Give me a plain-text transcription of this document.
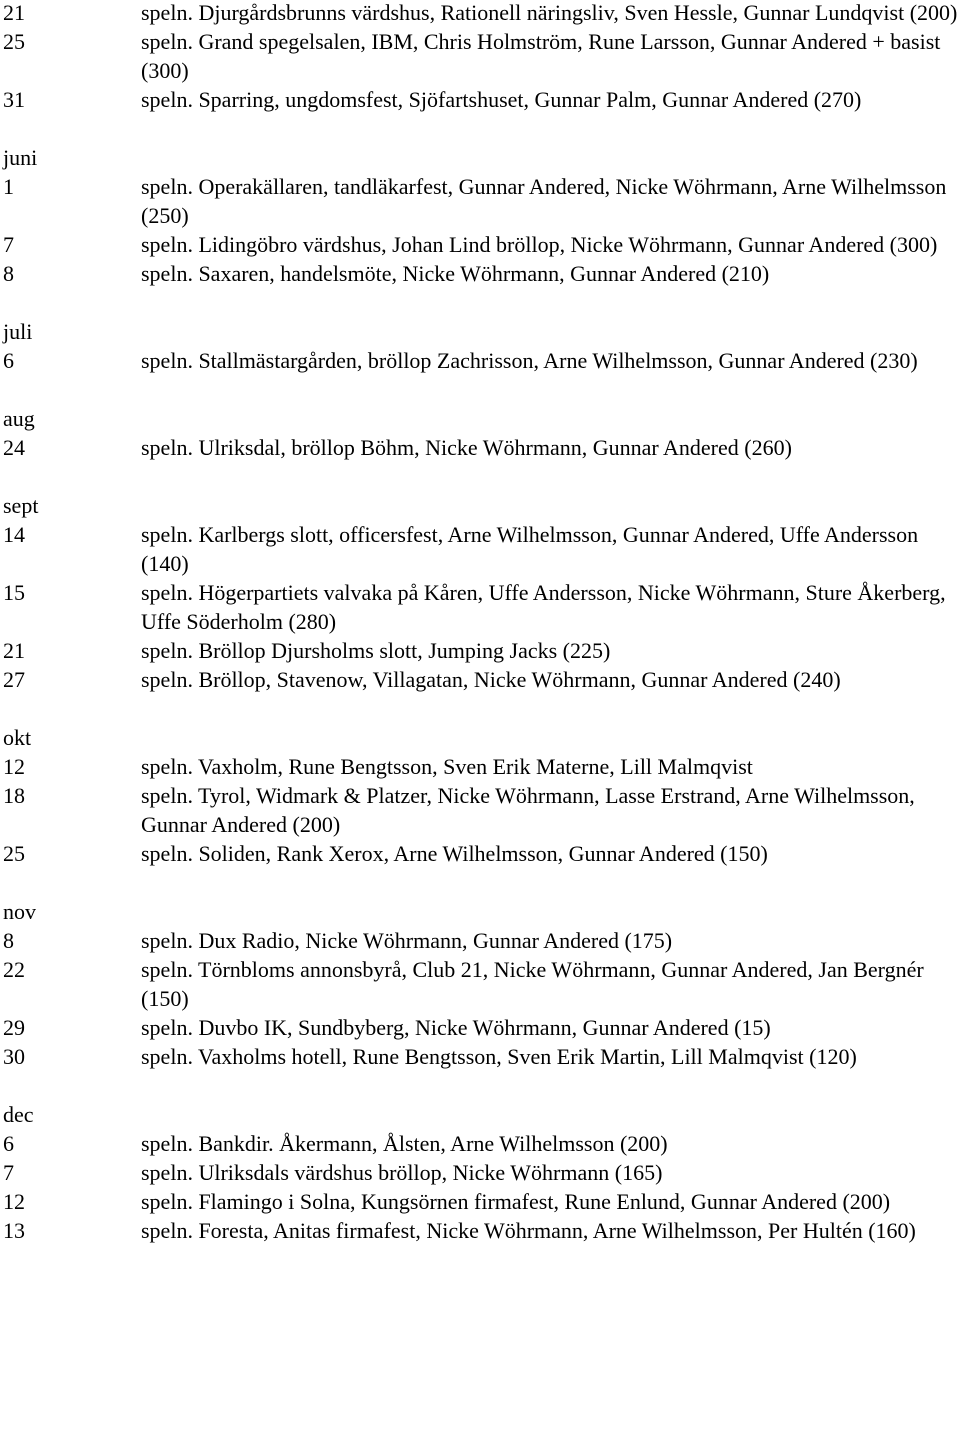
21	speln. Djurgårdsbrunns värdshus, Rationell näringsliv, Sven Hessle, Gunnar Lundqvist (200)
25	speln. Grand spegelsalen, IBM, Chris Holmström, Rune Larsson, Gunnar Andered + basist (300)
31	speln. Sparring, ungdomsfest, Sjöfartshuset, Gunnar Palm, Gunnar Andered (270)
juni
1	speln. Operakällaren, tandläkarfest, Gunnar Andered, Nicke Wöhrmann, Arne Wilhelmsson (250)
7	speln. Lidingöbro värdshus, Johan Lind bröllop, Nicke Wöhrmann, Gunnar Andered (300)
8	speln. Saxaren, handelsmöte, Nicke Wöhrmann, Gunnar Andered (210)
juli
6	speln. Stallmästargården, bröllop Zachrisson, Arne Wilhelmsson, Gunnar Andered (230)
aug
24	speln. Ulriksdal, bröllop Böhm, Nicke Wöhrmann, Gunnar Andered (260)
sept
14	speln. Karlbergs slott, officersfest, Arne Wilhelmsson, Gunnar Andered, Uffe Andersson (140)
15	speln. Högerpartiets valvaka på Kåren, Uffe Andersson, Nicke Wöhrmann, Sture Åkerberg, Uffe Söderholm (280)
21	speln. Bröllop Djursholms slott, Jumping Jacks (225)
27	speln. Bröllop, Stavenow, Villagatan, Nicke Wöhrmann, Gunnar Andered (240)
okt
12	speln. Vaxholm, Rune Bengtsson, Sven Erik Materne, Lill Malmqvist
18	speln. Tyrol, Widmark & Platzer, Nicke Wöhrmann, Lasse Erstrand, Arne Wilhelmsson, Gunnar Andered (200)
25	speln. Soliden, Rank Xerox, Arne Wilhelmsson, Gunnar Andered (150)
nov
8	speln. Dux Radio, Nicke Wöhrmann, Gunnar Andered (175)
22	speln. Törnbloms annonsbyrå, Club 21, Nicke Wöhrmann, Gunnar Andered, Jan Bergnér (150)
29	speln. Duvbo IK, Sundbyberg, Nicke Wöhrmann, Gunnar Andered (15)
30	speln. Vaxholms hotell, Rune Bengtsson, Sven Erik Martin, Lill Malmqvist (120)
dec
6	speln. Bankdir. Åkermann, Ålsten, Arne Wilhelmsson (200)
7	speln. Ulriksdals värdshus bröllop, Nicke Wöhrmann (165)
12	speln. Flamingo i Solna, Kungsörnen firmafest, Rune Enlund, Gunnar Andered (200)
13	speln. Foresta, Anitas firmafest, Nicke Wöhrmann, Arne Wilhelmsson, Per Hultén (160)
